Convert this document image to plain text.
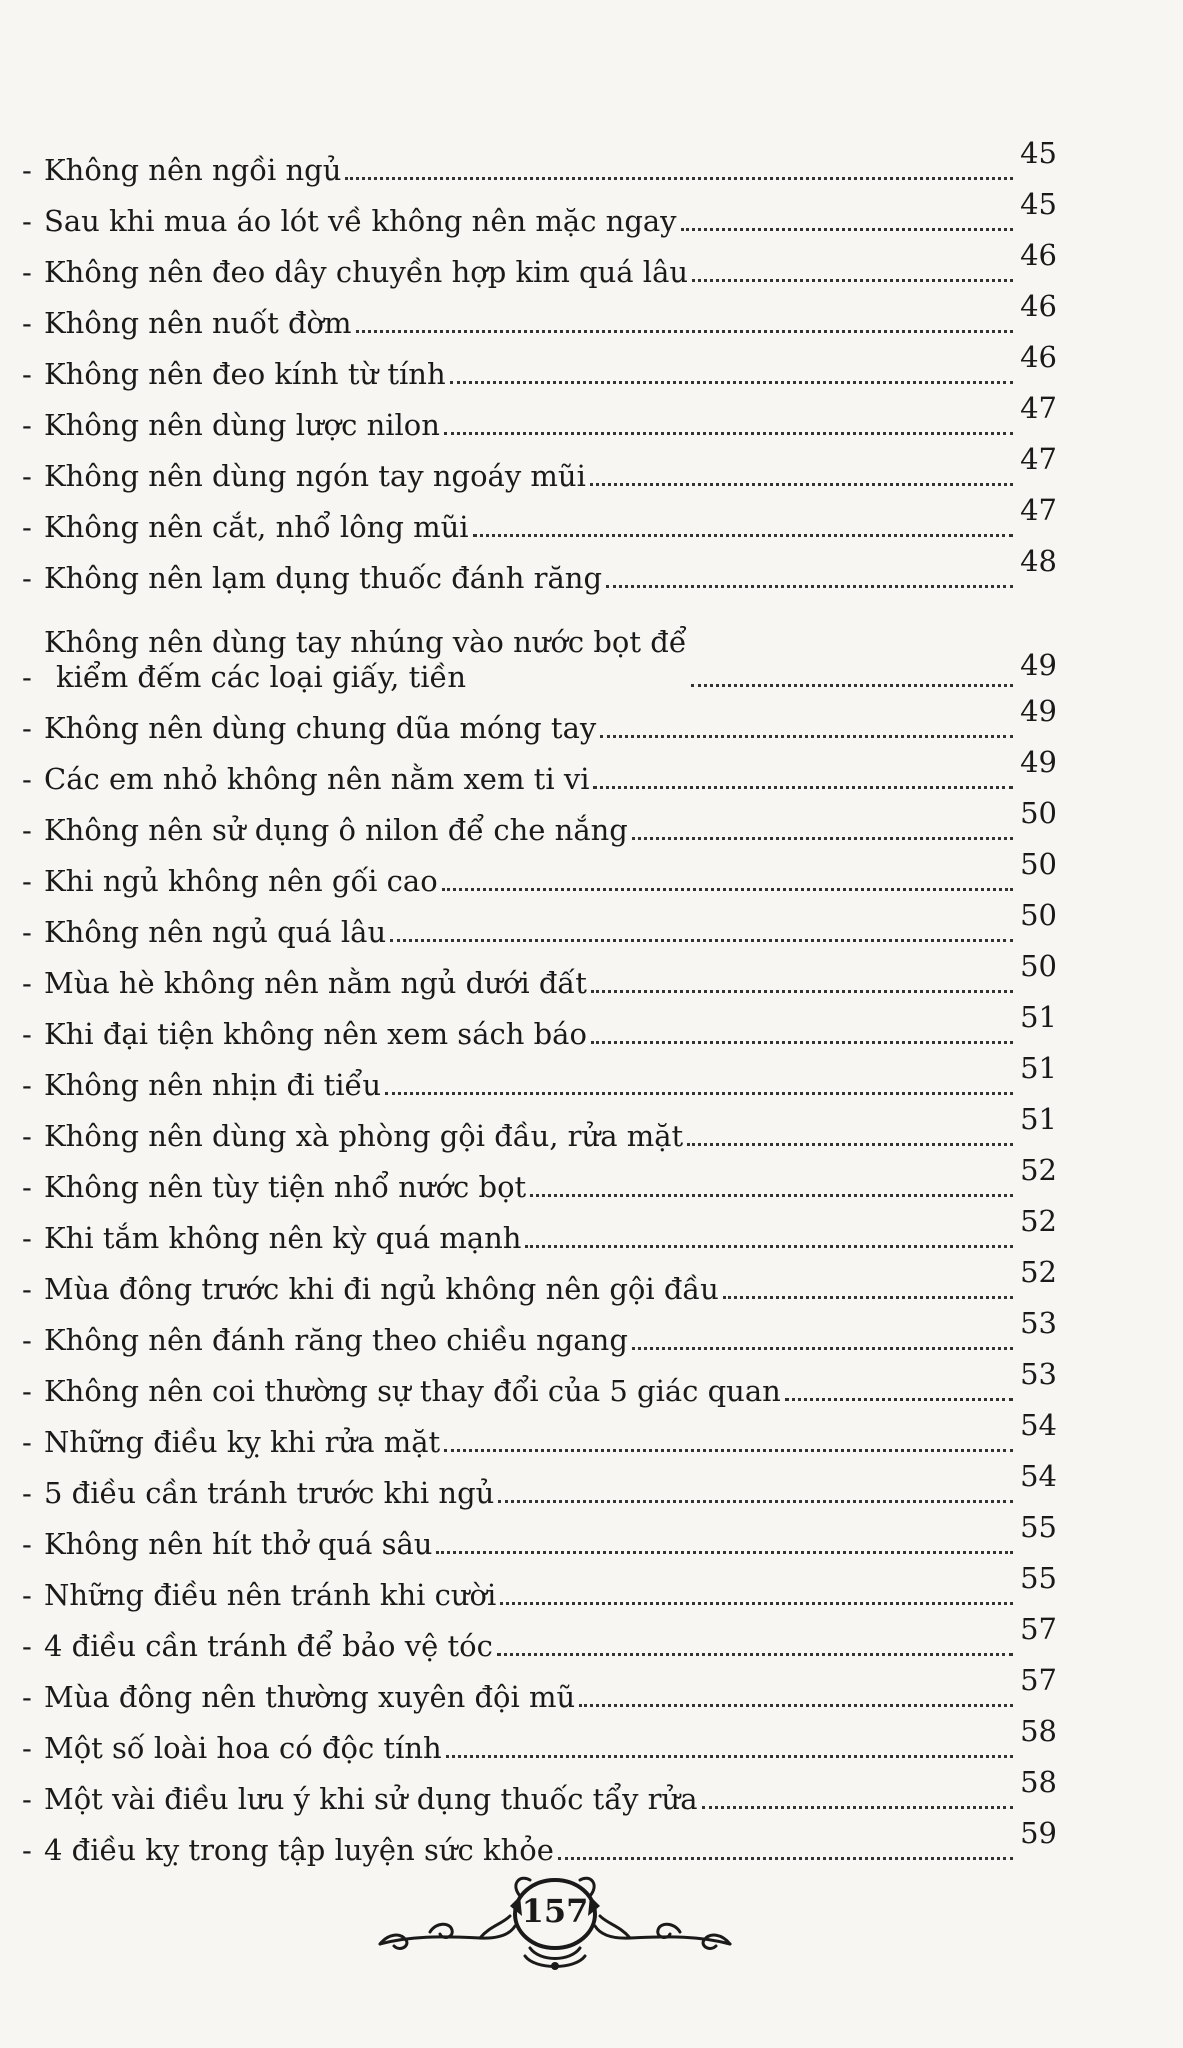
- Không nên ngồi ngủ	45
- Sau khi mua áo lót về không nên mặc ngay	45
- Không nên đeo dây chuyền hợp kim quá lâu	46
- Không nên nuốt đờm	46
- Không nên đeo kính từ tính	46
- Không nên dùng lược nilon	47
- Không nên dùng ngón tay ngoáy mũi	47
- Không nên cắt, nhổ lông mũi	47
- Không nên lạm dụng thuốc đánh răng	48
-
Không nên dùng tay nhúng vào nước bọt để
kiểm đếm các loại giấy, tiền	49
- Không nên dùng chung dũa móng tay	49
- Các em nhỏ không nên nằm xem ti vi	49
- Không nên sử dụng ô nilon để che nắng	50
- Khi ngủ không nên gối cao	50
- Không nên ngủ quá lâu	50
- Mùa hè không nên nằm ngủ dưới đất	50
- Khi đại tiện không nên xem sách báo	51
- Không nên nhịn đi tiểu	51
- Không nên dùng xà phòng gội đầu, rửa mặt	51
- Không nên tùy tiện nhổ nước bọt	52
- Khi tắm không nên kỳ quá mạnh	52
- Mùa đông trước khi đi ngủ không nên gội đầu	52
- Không nên đánh răng theo chiều ngang	53
- Không nên coi thường sự thay đổi của 5 giác quan	53
- Những điều kỵ khi rửa mặt	54
- 5 điều cần tránh trước khi ngủ	54
- Không nên hít thở quá sâu	55
- Những điều nên tránh khi cười	55
- 4 điều cần tránh để bảo vệ tóc	57
- Mùa đông nên thường xuyên đội mũ	57
- Một số loài hoa có độc tính	58
- Một vài điều lưu ý khi sử dụng thuốc tẩy rửa	58
- 4 điều kỵ trong tập luyện sức khỏe	59
157
